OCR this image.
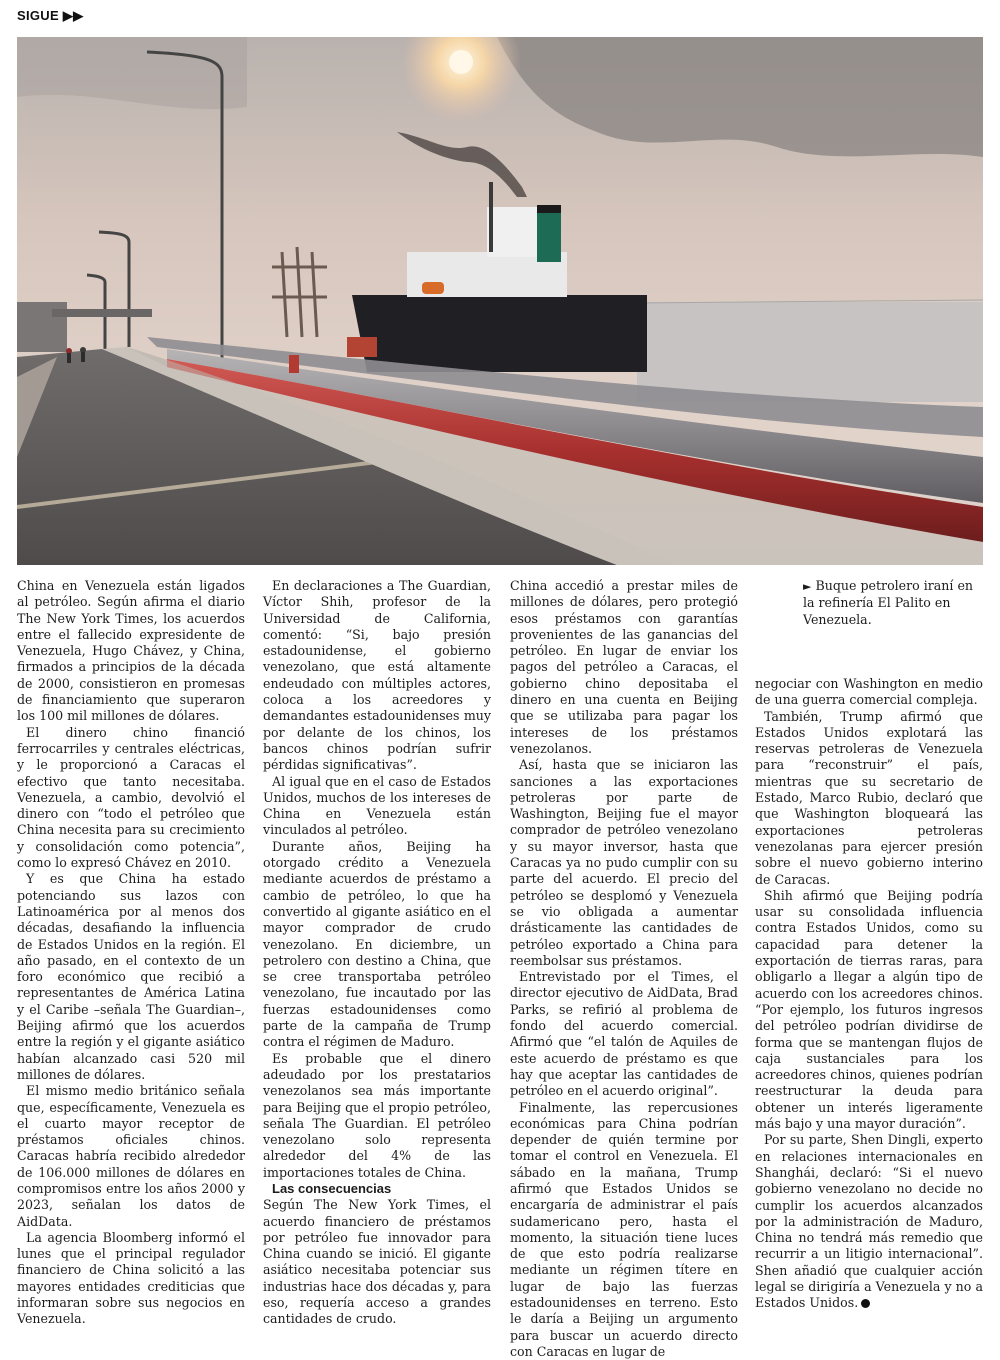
SIGUE ▶▶
► Buque petrolero iraní en la refinería El Palito en Venezuela.

China en Venezuela están ligados al petróleo. Según afirma el diario The New York Times, los acuerdos entre el fallecido expresidente de Venezuela, Hugo Chávez, y China, firmados a principios de la década de 2000, consistieron en promesas de financiamiento que superaron los 100 mil millones de dólares.

El dinero chino financió ferrocarriles y centrales eléctricas, y le proporcionó a Caracas el efectivo que tanto necesitaba. Venezuela, a cambio, devolvió el dinero con “todo el petróleo que China necesita para su crecimiento y consolidación como potencia”, como lo expresó Chávez en 2010.

Y es que China ha estado potenciando sus lazos con Latinoamérica por al menos dos décadas, desafiando la influencia de Estados Unidos en la región. El año pasado, en el contexto de un foro económico que recibió a representantes de América Latina y el Caribe –señala The Guardian–, Beijing afirmó que los acuerdos entre la región y el gigante asiático habían alcanzado casi 520 mil millones de dólares.

El mismo medio británico señala que, específicamente, Venezuela es el cuarto mayor receptor de préstamos oficiales chinos. Caracas habría recibido alrededor de 106.000 millones de dólares en compromisos entre los años 2000 y 2023, señalan los datos de AidData.

La agencia Bloomberg informó el lunes que el principal regulador financiero de China solicitó a las mayores entidades crediticias que informaran sobre sus negocios en Venezuela.

En declaraciones a The Guardian, Víctor Shih, profesor de la Universidad de California, comentó: “Si, bajo presión estadounidense, el gobierno venezolano, que está altamente endeudado con múltiples actores, coloca a los acreedores y demandantes estadounidenses muy por delante de los chinos, los bancos chinos podrían sufrir pérdidas significativas”.

Al igual que en el caso de Estados Unidos, muchos de los intereses de China en Venezuela están vinculados al petróleo.

Durante años, Beijing ha otorgado crédito a Venezuela mediante acuerdos de préstamo a cambio de petróleo, lo que ha convertido al gigante asiático en el mayor comprador de crudo venezolano. En diciembre, un petrolero con destino a China, que se cree transportaba petróleo venezolano, fue incautado por las fuerzas estadounidenses como parte de la campaña de Trump contra el régimen de Maduro.

Es probable que el dinero adeudado por los prestatarios venezolanos sea más importante para Beijing que el propio petróleo, señala The Guardian. El petróleo venezolano solo representa alrededor del 4% de las importaciones totales de China.

Las consecuencias

Según The New York Times, el acuerdo financiero de préstamos por petróleo fue innovador para China cuando se inició. El gigante asiático necesitaba potenciar sus industrias hace dos décadas y, para eso, requería acceso a grandes cantidades de crudo.

China accedió a prestar miles de millones de dólares, pero protegió esos préstamos con garantías provenientes de las ganancias del petróleo. En lugar de enviar los pagos del petróleo a Caracas, el gobierno chino depositaba el dinero en una cuenta en Beijing que se utilizaba para pagar los intereses de los préstamos venezolanos.

Así, hasta que se iniciaron las sanciones a las exportaciones petroleras por parte de Washington, Beijing fue el mayor comprador de petróleo venezolano y su mayor inversor, hasta que Caracas ya no pudo cumplir con su parte del acuerdo. El precio del petróleo se desplomó y Venezuela se vio obligada a aumentar drásticamente las cantidades de petróleo exportado a China para reembolsar sus préstamos.

Entrevistado por el Times, el director ejecutivo de AidData, Brad Parks, se refirió al problema de fondo del acuerdo comercial. Afirmó que “el talón de Aquiles de este acuerdo de préstamo es que hay que aceptar las cantidades de petróleo en el acuerdo original”.

Finalmente, las repercusiones económicas para China podrían depender de quién termine por tomar el control en Venezuela. El sábado en la mañana, Trump afirmó que Estados Unidos se encargaría de administrar el país sudamericano pero, hasta el momento, la situación tiene luces de que esto podría realizarse mediante un régimen títere en lugar de bajo las fuerzas estadounidenses en terreno. Esto le daría a Beijing un argumento para buscar un acuerdo directo con Caracas en lugar de

negociar con Washington en medio de una guerra comercial compleja.

También, Trump afirmó que Estados Unidos explotará las reservas petroleras de Venezuela para “reconstruir” el país, mientras que su secretario de Estado, Marco Rubio, declaró que que Washington bloqueará las exportaciones petroleras venezolanas para ejercer presión sobre el nuevo gobierno interino de Caracas.

Shih afirmó que Beijing podría usar su consolidada influencia contra Estados Unidos, como su capacidad para detener la exportación de tierras raras, para obligarlo a llegar a algún tipo de acuerdo con los acreedores chinos. “Por ejemplo, los futuros ingresos del petróleo podrían dividirse de forma que se mantengan flujos de caja sustanciales para los acreedores chinos, quienes podrían reestructurar la deuda para obtener un interés ligeramente más bajo y una mayor duración”.

Por su parte, Shen Dingli, experto en relaciones internacionales en Shanghái, declaró: “Si el nuevo gobierno venezolano no decide no cumplir los acuerdos alcanzados por la administración de Maduro, China no tendrá más remedio que recurrir a un litigio internacional”. Shen añadió que cualquier acción legal se dirigiría a Venezuela y no a Estados Unidos.
